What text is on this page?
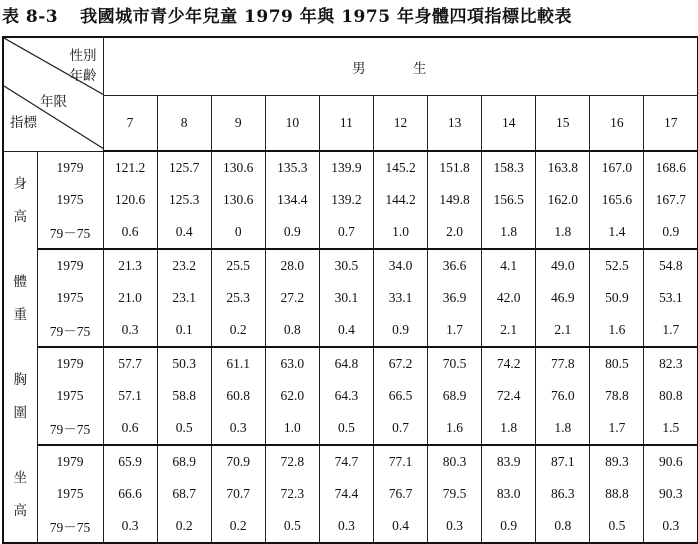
表 8-3 我國城市青少年兒童 1979 年與 1975 年身體四項指標比較表
性別
年齡
年限
指標		男 生										
		7	8	9	10	11	12	13	14	15	16	17

身
高	1979	121.2	125.7	130.6	135.3	139.9	145.2	151.8	158.3	163.8	167.0	168.6
	1975	120.6	125.3	130.6	134.4	139.2	144.2	149.8	156.5	162.0	165.6	167.7
	79－75	0.6	0.4	0	0.9	0.7	1.0	2.0	1.8	1.8	1.4	0.9

體
重	1979	21.3	23.2	25.5	28.0	30.5	34.0	36.6	4.1	49.0	52.5	54.8
	1975	21.0	23.1	25.3	27.2	30.1	33.1	36.9	42.0	46.9	50.9	53.1
	79－75	0.3	0.1	0.2	0.8	0.4	0.9	1.7	2.1	2.1	1.6	1.7

胸
圍	1979	57.7	50.3	61.1	63.0	64.8	67.2	70.5	74.2	77.8	80.5	82.3
	1975	57.1	58.8	60.8	62.0	64.3	66.5	68.9	72.4	76.0	78.8	80.8
	79－75	0.6	0.5	0.3	1.0	0.5	0.7	1.6	1.8	1.8	1.7	1.5

坐
高	1979	65.9	68.9	70.9	72.8	74.7	77.1	80.3	83.9	87.1	89.3	90.6
	1975	66.6	68.7	70.7	72.3	74.4	76.7	79.5	83.0	86.3	88.8	90.3
	79－75	0.3	0.2	0.2	0.5	0.3	0.4	0.3	0.9	0.8	0.5	0.3
